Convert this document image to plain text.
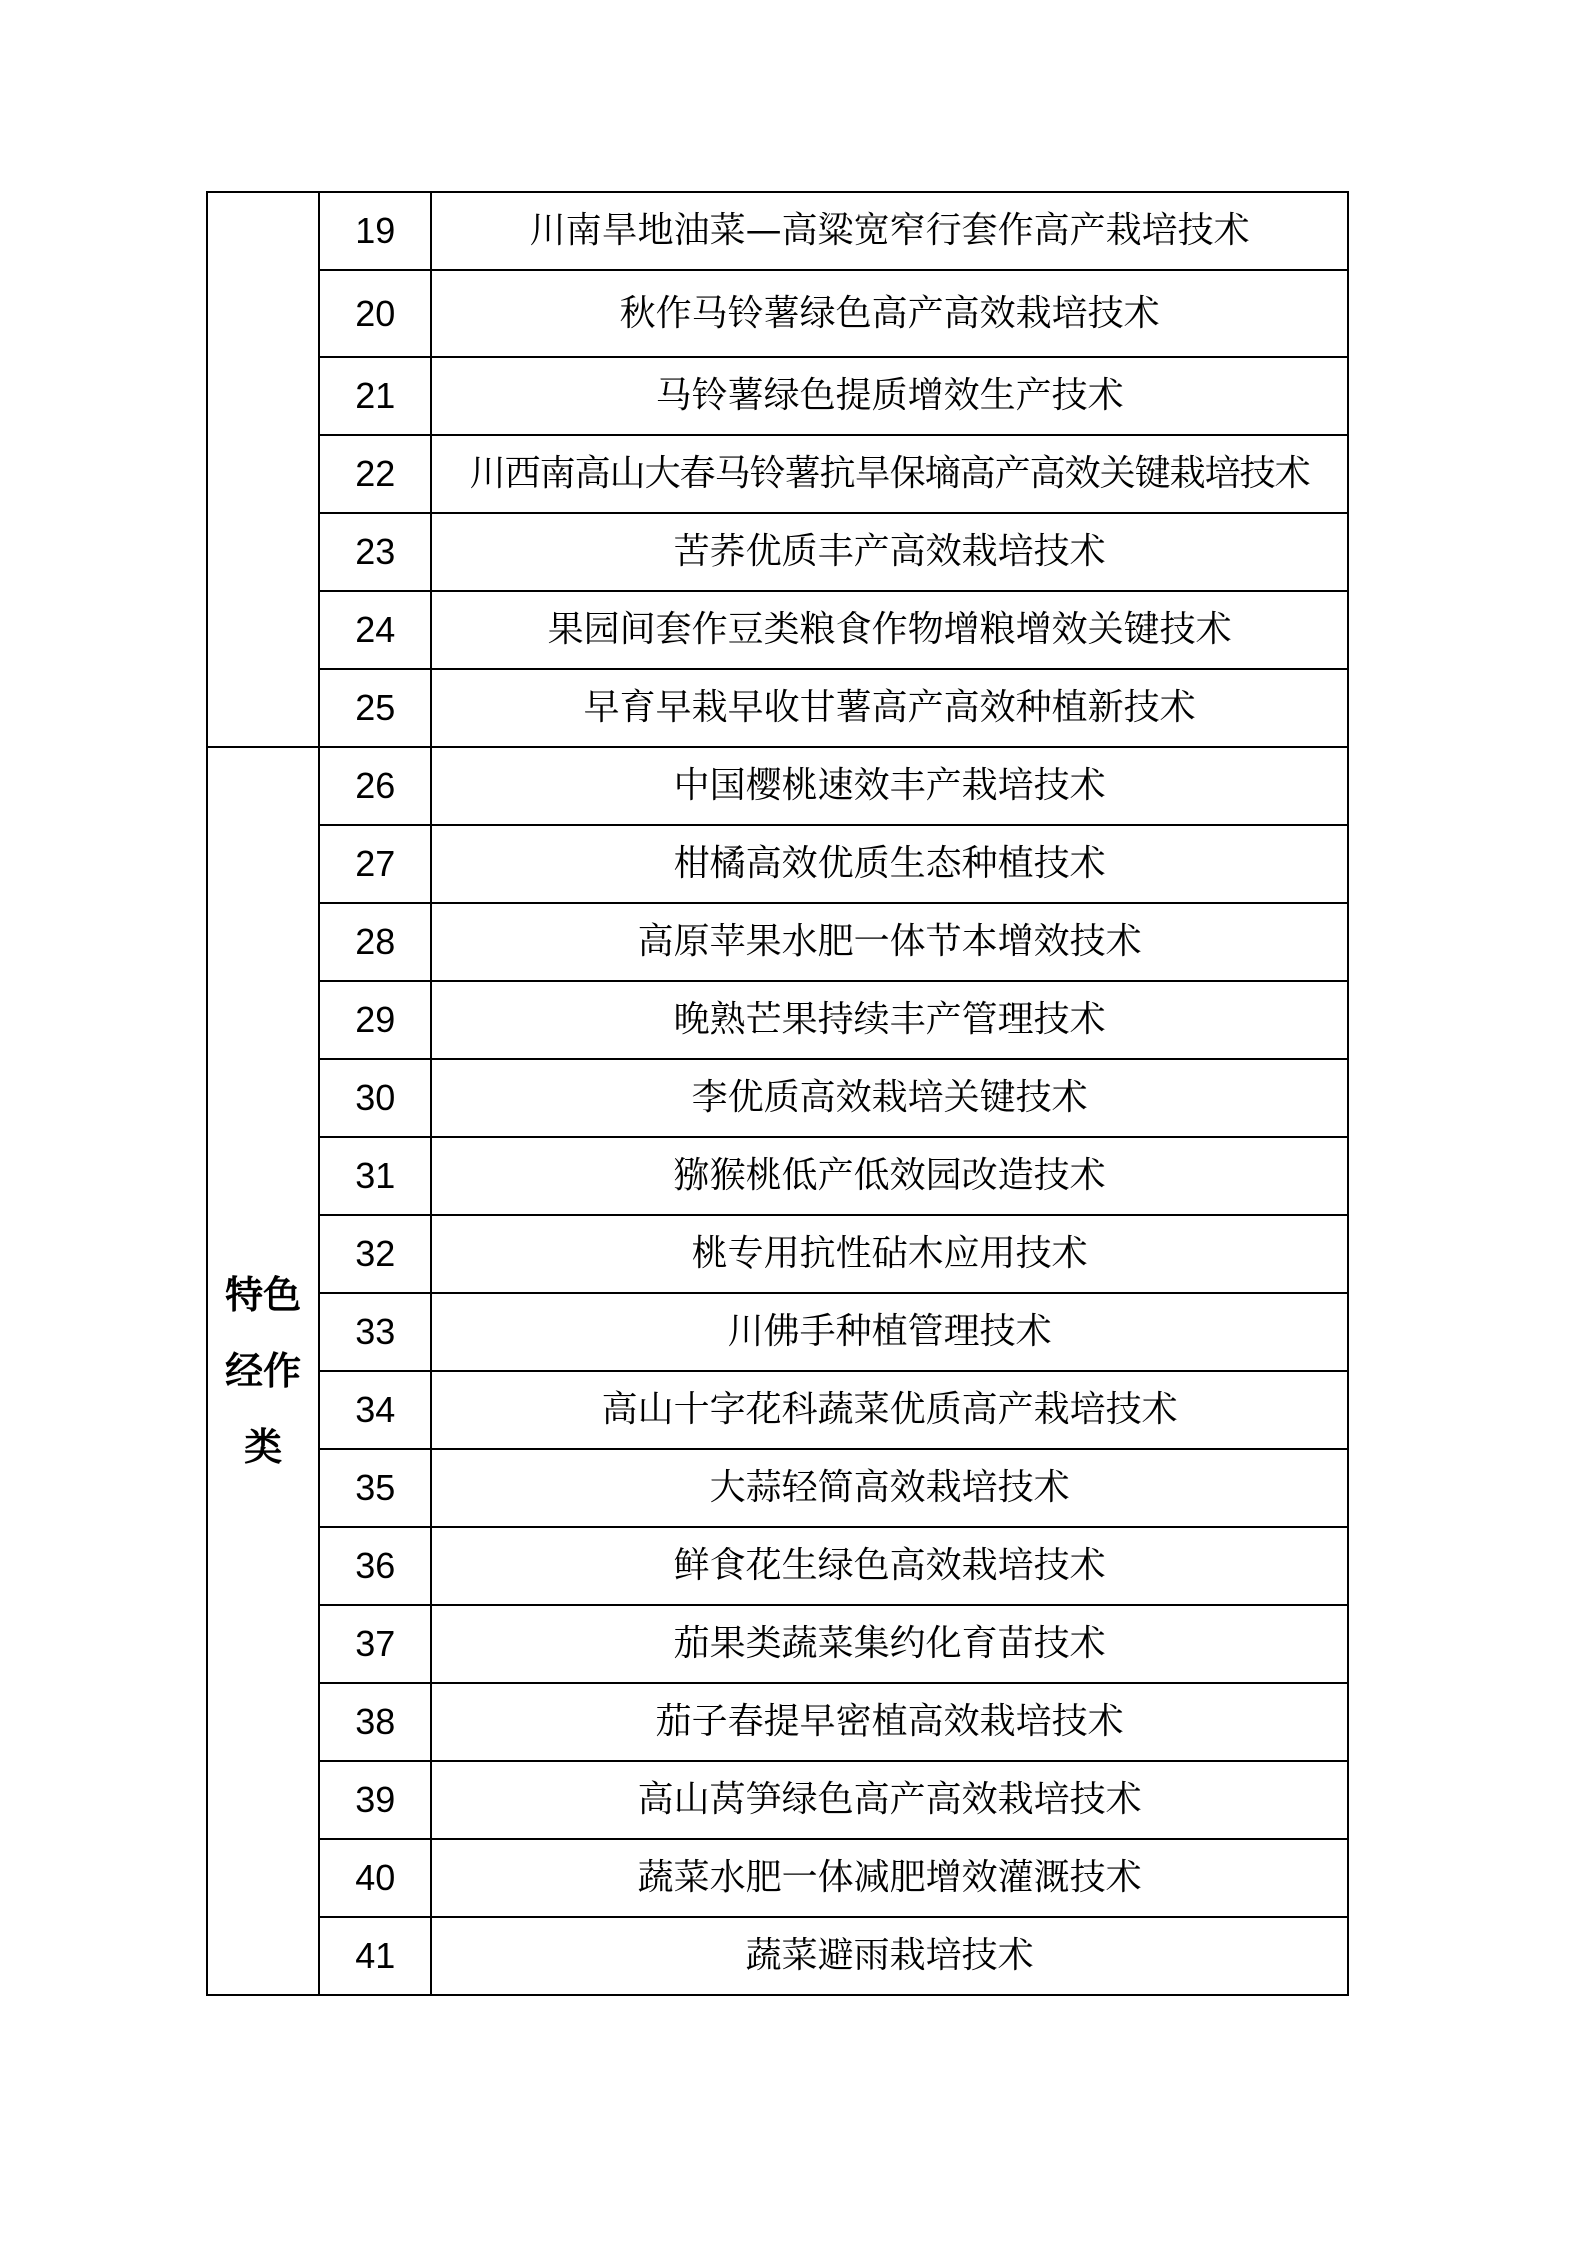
	19	川南旱地油菜—高粱宽窄行套作高产栽培技术
	20	秋作马铃薯绿色高产高效栽培技术
	21	马铃薯绿色提质增效生产技术
	22	川西南高山大春马铃薯抗旱保墒高产高效关键栽培技术
	23	苦荞优质丰产高效栽培技术
	24	果园间套作豆类粮食作物增粮增效关键技术
	25	早育早栽早收甘薯高产高效种植新技术
特色经作类	26	中国樱桃速效丰产栽培技术
	27	柑橘高效优质生态种植技术
	28	高原苹果水肥一体节本增效技术
	29	晚熟芒果持续丰产管理技术
	30	李优质高效栽培关键技术
	31	猕猴桃低产低效园改造技术
	32	桃专用抗性砧木应用技术
	33	川佛手种植管理技术
	34	高山十字花科蔬菜优质高产栽培技术
	35	大蒜轻简高效栽培技术
	36	鲜食花生绿色高效栽培技术
	37	茄果类蔬菜集约化育苗技术
	38	茄子春提早密植高效栽培技术
	39	高山莴笋绿色高产高效栽培技术
	40	蔬菜水肥一体减肥增效灌溉技术
	41	蔬菜避雨栽培技术
